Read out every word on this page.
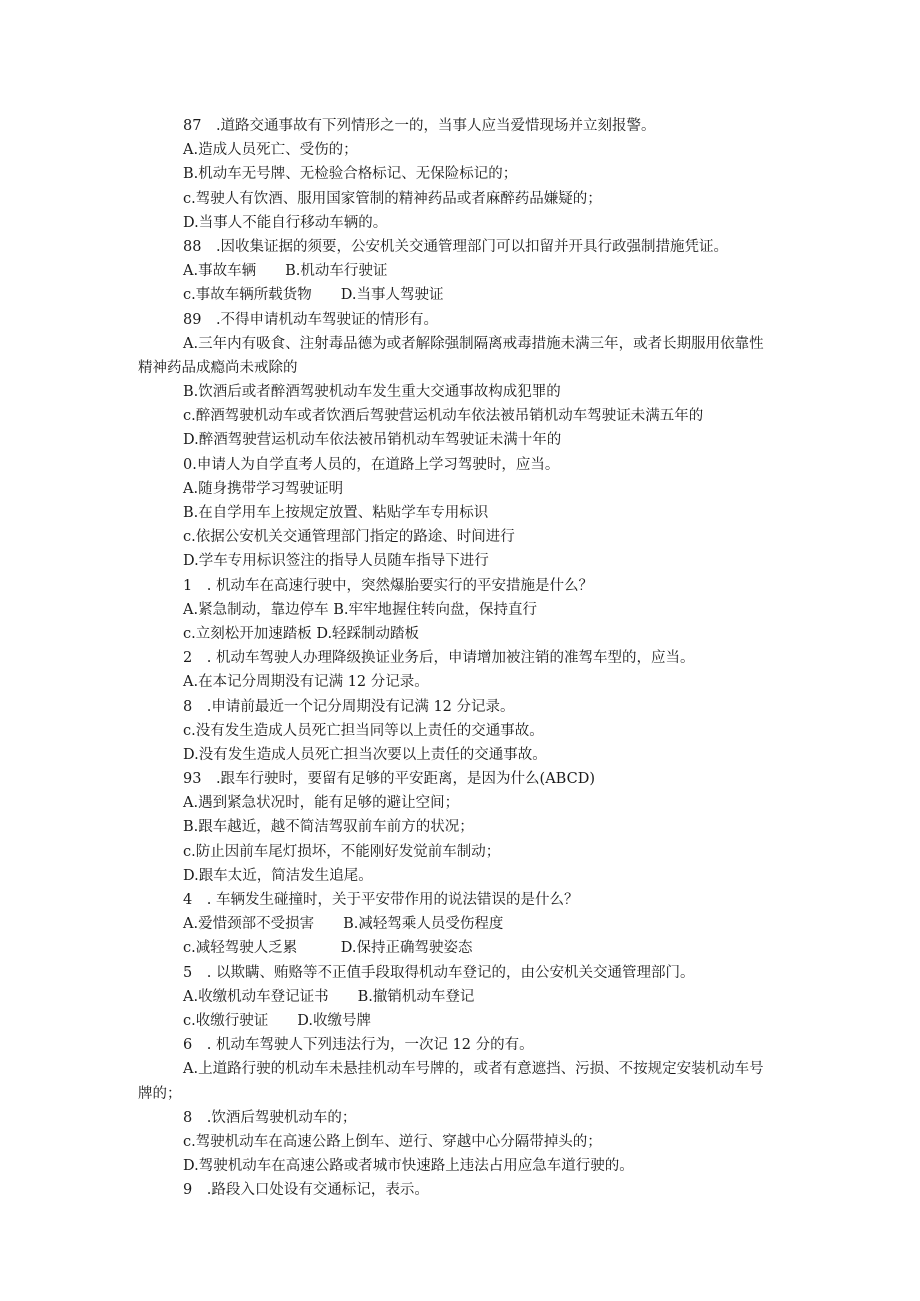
87　.道路交通事故有下列情形之一的，当事人应当爱惜现场并立刻报警。
A.造成人员死亡、受伤的；
B.机动车无号牌、无检验合格标记、无保险标记的；
c.驾驶人有饮酒、服用国家管制的精神药品或者麻醉药品嫌疑的；
D.当事人不能自行移动车辆的。
88　.因收集证据的须要，公安机关交通管理部门可以扣留并开具行政强制措施凭证。
A.事故车辆　　B.机动车行驶证
c.事故车辆所载货物　　D.当事人驾驶证
89　.不得申请机动车驾驶证的情形有。
A.三年内有吸食、注射毒品德为或者解除强制隔离戒毒措施未满三年，或者长期服用依靠性精神药品成瘾尚未戒除的
B.饮酒后或者醉酒驾驶机动车发生重大交通事故构成犯罪的
c.醉酒驾驶机动车或者饮酒后驾驶营运机动车依法被吊销机动车驾驶证未满五年的
D.醉酒驾驶营运机动车依法被吊销机动车驾驶证未满十年的
0.申请人为自学直考人员的，在道路上学习驾驶时，应当。
A.随身携带学习驾驶证明
B.在自学用车上按规定放置、粘贴学车专用标识
c.依据公安机关交通管理部门指定的路途、时间进行
D.学车专用标识签注的指导人员随车指导下进行
1　. 机动车在高速行驶中，突然爆胎要实行的平安措施是什么？
A.紧急制动，靠边停车 B.牢牢地握住转向盘，保持直行
c.立刻松开加速踏板 D.轻踩制动踏板
2　. 机动车驾驶人办理降级换证业务后，申请增加被注销的准驾车型的，应当。
A.在本记分周期没有记满 12 分记录。
8　.申请前最近一个记分周期没有记满 12 分记录。
c.没有发生造成人员死亡担当同等以上责任的交通事故。
D.没有发生造成人员死亡担当次要以上责任的交通事故。
93　.跟车行驶时，要留有足够的平安距离，是因为什么(ABCD)
A.遇到紧急状况时，能有足够的避让空间；
B.跟车越近，越不简洁驾驭前车前方的状况；
c.防止因前车尾灯损坏，不能刚好发觉前车制动；
D.跟车太近，简洁发生追尾。
4　. 车辆发生碰撞时，关于平安带作用的说法错误的是什么？
A.爱惜颈部不受损害　　B.减轻驾乘人员受伤程度
c.减轻驾驶人乏累　　　D.保持正确驾驶姿态
5　. 以欺瞒、贿赂等不正值手段取得机动车登记的，由公安机关交通管理部门。
A.收缴机动车登记证书　　B.撤销机动车登记
c.收缴行驶证　　D.收缴号牌
6　. 机动车驾驶人下列违法行为，一次记 12 分的有。
A.上道路行驶的机动车未悬挂机动车号牌的，或者有意遮挡、污损、不按规定安装机动车号牌的；
8　.饮酒后驾驶机动车的；
c.驾驶机动车在高速公路上倒车、逆行、穿越中心分隔带掉头的；
D.驾驶机动车在高速公路或者城市快速路上违法占用应急车道行驶的。
9　.路段入口处设有交通标记，表示。
